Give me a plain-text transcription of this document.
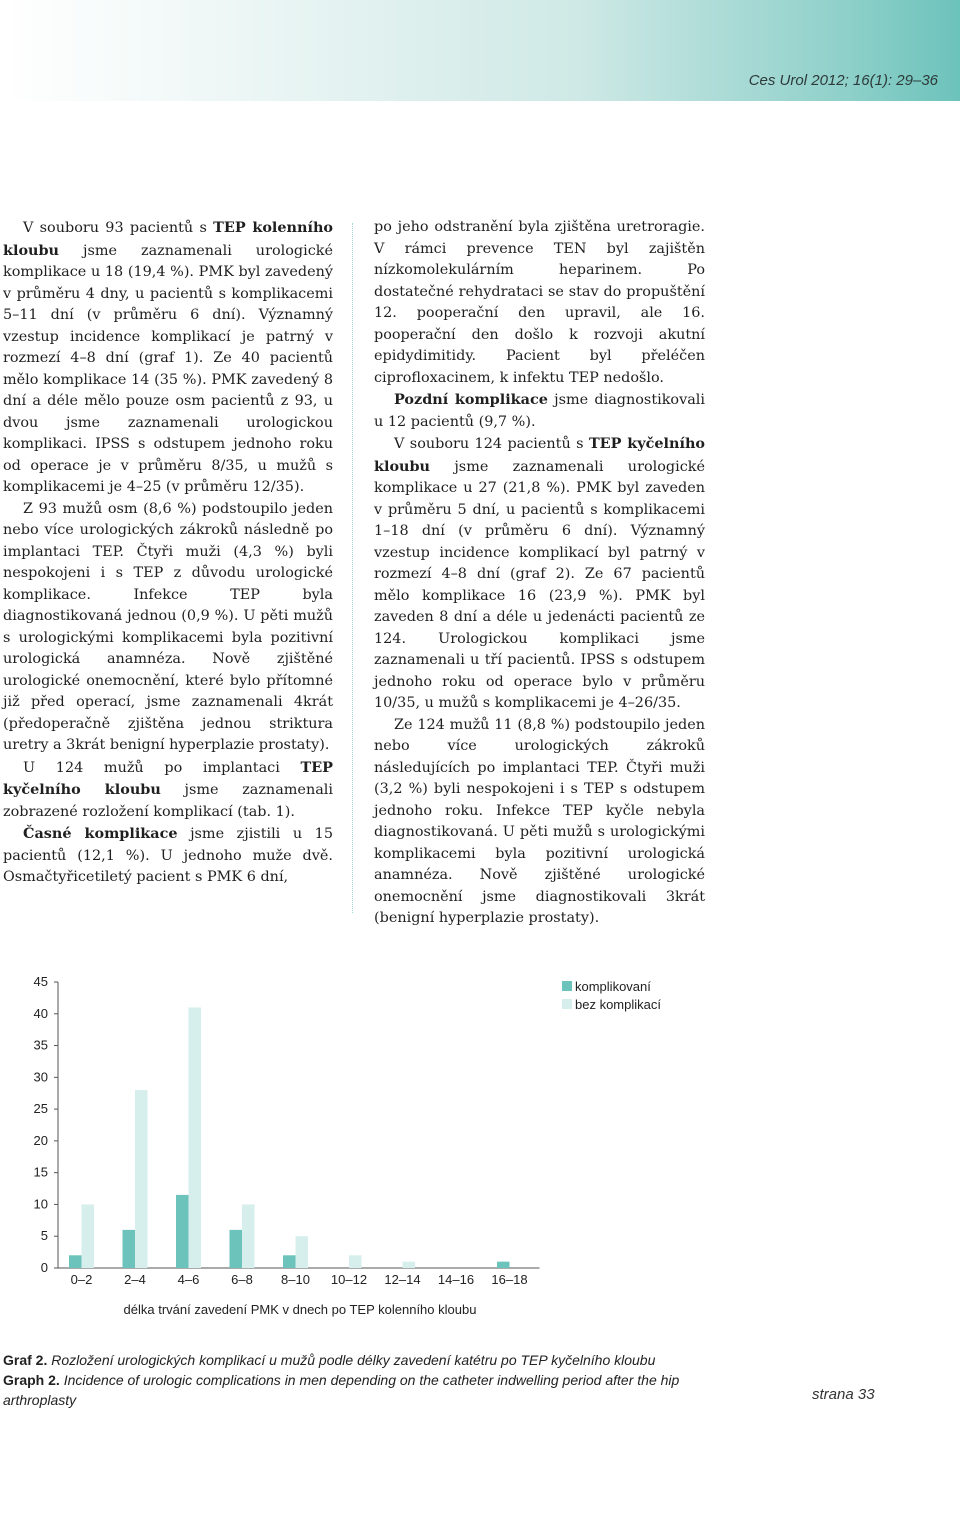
Ces Urol 2012; 16(1): 29–36

V souboru 93 pacientů s TEP kolenního kloubu jsme zaznamenali urologické komplikace u 18 (19,4 %). PMK byl zavedený v průměru 4 dny, u pacientů s komplikacemi 5–11 dní (v průměru 6 dní). Významný vzestup incidence komplikací je patrný v rozmezí 4–8 dní (graf 1). Ze 40 pacientů mělo komplikace 14 (35 %). PMK zavedený 8 dní a déle mělo pouze osm pacientů z 93, u dvou jsme zaznamenali urologickou komplikaci. IPSS s odstupem jednoho roku od operace je v průměru 8/35, u mužů s komplikacemi je 4–25 (v průměru 12/35).

Z 93 mužů osm (8,6 %) podstoupilo jeden nebo více urologických zákroků následně po implantaci TEP. Čtyři muži (4,3 %) byli nespokojeni i s TEP z důvodu urologické komplikace. Infekce TEP byla diagnostikovaná jednou (0,9 %). U pěti mužů s urologickými komplikacemi byla pozitivní urologická anamnéza. Nově zjištěné urologické onemocnění, které bylo přítomné již před operací, jsme zaznamenali 4krát (předoperačně zjištěna jednou striktura uretry a 3krát benigní hyperplazie prostaty).

U 124 mužů po implantaci TEP kyčelního kloubu jsme zaznamenali zobrazené rozložení komplikací (tab. 1).

Časné komplikace jsme zjistili u 15 pacientů (12,1 %). U jednoho muže dvě. Osmačtyřicetiletý pacient s PMK 6 dní,

po jeho odstranění byla zjištěna uretroragie. V rámci prevence TEN byl zajištěn nízkomolekulárním heparinem. Po dostatečné rehydrataci se stav do propuštění 12. pooperační den upravil, ale 16. pooperační den došlo k rozvoji akutní epidydimitidy. Pacient byl přeléčen ciprofloxacinem, k infektu TEP nedošlo.

Pozdní komplikace jsme diagnostikovali u 12 pacientů (9,7 %).

V souboru 124 pacientů s TEP kyčelního kloubu jsme zaznamenali urologické komplikace u 27 (21,8 %). PMK byl zaveden v průměru 5 dní, u pacientů s komplikacemi 1–18 dní (v průměru 6 dní). Významný vzestup incidence komplikací byl patrný v rozmezí 4–8 dní (graf 2). Ze 67 pacientů mělo komplikace 16 (23,9 %). PMK byl zaveden 8 dní a déle u jedenácti pacientů ze 124. Urologickou komplikaci jsme zaznamenali u tří pacientů. IPSS s odstupem jednoho roku od operace bylo v průměru 10/35, u mužů s komplikacemi je 4–26/35.

Ze 124 mužů 11 (8,8 %) podstoupilo jeden nebo více urologických zákroků následujících po implantaci TEP. Čtyři muži (3,2 %) byli nespokojeni i s TEP s odstupem jednoho roku. Infekce TEP kyčle nebyla diagnostikovaná. U pěti mužů s urologickými komplikacemi byla pozitivní urologická anamnéza. Nově zjištěné urologické onemocnění jsme diagnostikovali 3krát (benigní hyperplazie prostaty).

0
5
10
15
20
25
30
35
40
45
0–2 2–4 4–6 6–8 8–10 10–12 12–14 14–16 16–18
komplikovaní
bez komplikací
délka trvání zavedení PMK v dnech po TEP kolenního kloubu
Graf 2. Rozložení urologických komplikací u mužů podle délky zavedení katétru po TEP kyčelního kloubu
Graph 2. Incidence of urologic complications in men depending on the catheter indwelling period after the hip arthroplasty	strana 33
